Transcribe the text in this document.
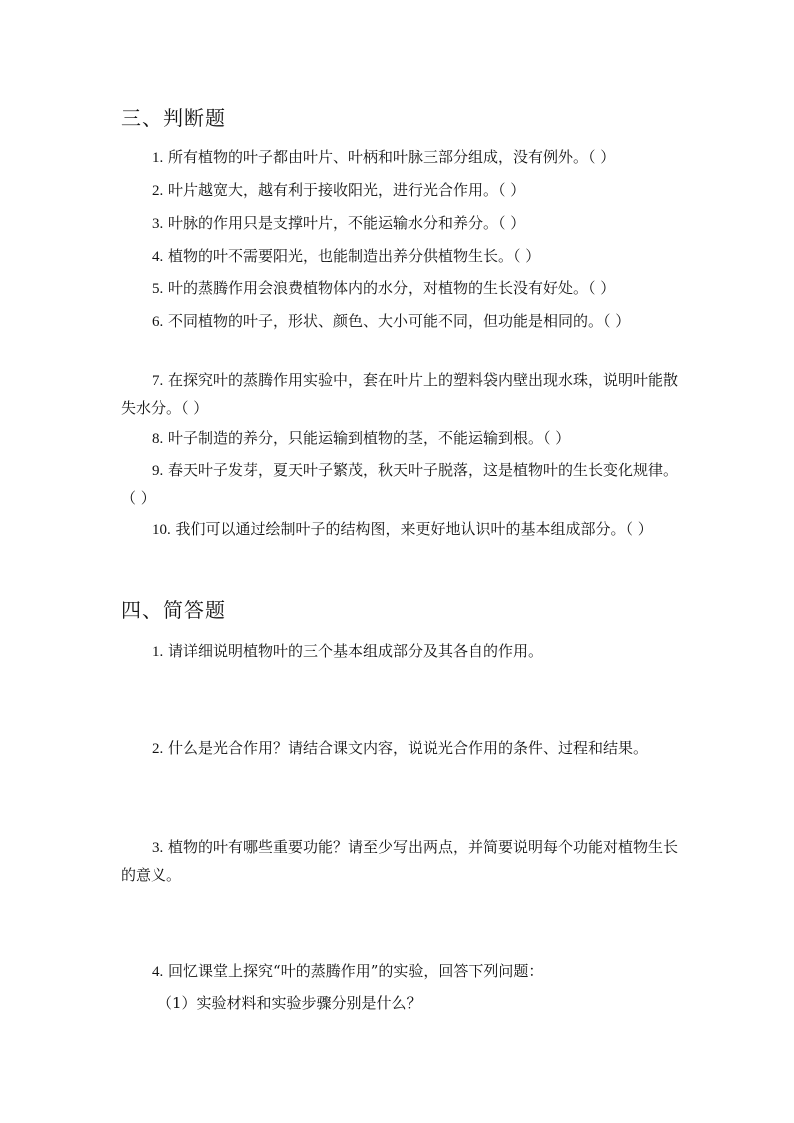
三、判断题

1. 所有植物的叶子都由叶片、叶柄和叶脉三部分组成，没有例外。（ ）

2. 叶片越宽大，越有利于接收阳光，进行光合作用。（ ）

3. 叶脉的作用只是支撑叶片，不能运输水分和养分。（ ）

4. 植物的叶不需要阳光，也能制造出养分供植物生长。（ ）

5. 叶的蒸腾作用会浪费植物体内的水分，对植物的生长没有好处。（ ）

6. 不同植物的叶子，形状、颜色、大小可能不同，但功能是相同的。（ ）

7. 在探究叶的蒸腾作用实验中，套在叶片上的塑料袋内壁出现水珠，说明叶能散失水分。（ ）

8. 叶子制造的养分，只能运输到植物的茎，不能运输到根。（ ）

9. 春天叶子发芽，夏天叶子繁茂，秋天叶子脱落，这是植物叶的生长变化规律。（ ）

10. 我们可以通过绘制叶子的结构图，来更好地认识叶的基本组成部分。（ ）

四、简答题

1. 请详细说明植物叶的三个基本组成部分及其各自的作用。

2. 什么是光合作用？请结合课文内容，说说光合作用的条件、过程和结果。

3. 植物的叶有哪些重要功能？请至少写出两点，并简要说明每个功能对植物生长的意义。

4. 回忆课堂上探究“叶的蒸腾作用”的实验，回答下列问题：

（1）实验材料和实验步骤分别是什么？
